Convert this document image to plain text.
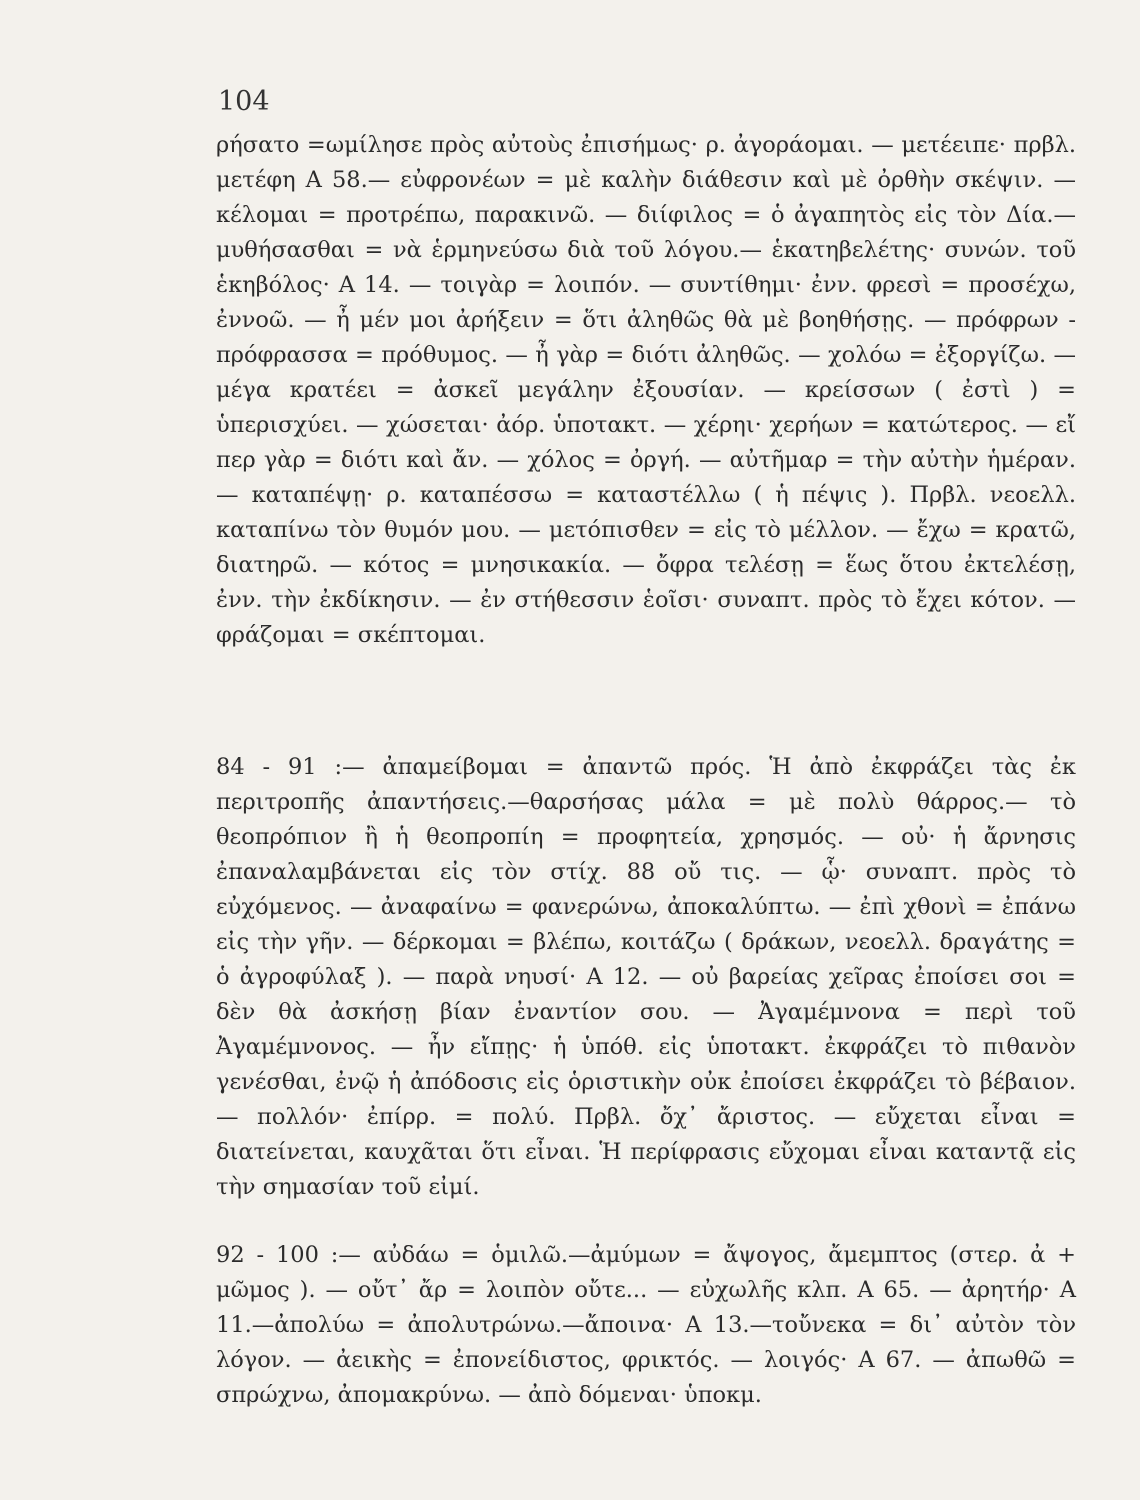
104

ρήσατο =ωμίλησε πρὸς αὐτοὺς ἐπισήμως· ρ. ἀγοράομαι. — μετέειπε· πρβλ. μετέφη Α 58.— εὐφρονέων = μὲ καλὴν διάθεσιν καὶ μὲ ὀρθὴν σκέψιν. — κέλομαι = προτρέπω, παρακινῶ. — διίφιλος = ὁ ἀγαπητὸς εἰς τὸν Δία.— μυθήσασθαι = νὰ ἑρμηνεύσω διὰ τοῦ λόγου.— ἑκατηβελέτης· συνών. τοῦ ἑκηβόλος· Α 14. — τοιγὰρ = λοιπόν. — συντίθημι· ἐνν. φρεσὶ = προσέχω, ἐννοῶ. — ἦ μέν μοι ἀρήξειν = ὅτι ἀληθῶς θὰ μὲ βοηθήσῃς. — πρόφρων - πρόφρασσα = πρόθυμος. — ἦ γὰρ = διότι ἀληθῶς. — χολόω = ἐξοργίζω. — μέγα κρατέει = ἀσκεῖ μεγάλην ἐξουσίαν. — κρείσσων ( ἐστὶ ) = ὑπερισχύει. — χώσεται· ἀόρ. ὑποτακτ. — χέρηι· χερήων = κατώτερος. — εἴ περ γὰρ = διότι καὶ ἄν. — χόλος = ὀργή. — αὐτῆμαρ = τὴν αὐτὴν ἡμέραν. — καταπέψῃ· ρ. καταπέσσω = καταστέλλω ( ἡ πέψις ). Πρβλ. νεοελλ. καταπίνω τὸν θυμόν μου. — μετόπισθεν = εἰς τὸ μέλλον. — ἔχω = κρατῶ, διατηρῶ. — κότος = μνησικακία. — ὄφρα τελέσῃ = ἕως ὅτου ἐκτελέσῃ, ἐνν. τὴν ἐκδίκησιν. — ἐν στήθεσσιν ἑοῖσι· συναπτ. πρὸς τὸ ἔχει κότον. — φράζομαι = σκέπτομαι.

84 - 91 :— ἀπαμείβομαι = ἀπαντῶ πρός. Ἡ ἀπὸ ἐκφράζει τὰς ἐκ περιτροπῆς ἀπαντήσεις.—θαρσήσας μάλα = μὲ πολὺ θάρρος.— τὸ θεοπρόπιον ἢ ἡ θεοπροπίη = προφητεία, χρησμός. — οὐ· ἡ ἄρνησις ἐπαναλαμβάνεται εἰς τὸν στίχ. 88 οὔ τις. — ᾧ· συναπτ. πρὸς τὸ εὐχόμενος. — ἀναφαίνω = φανερώνω, ἀποκαλύπτω. — ἐπὶ χθονὶ = ἐπάνω εἰς τὴν γῆν. — δέρκομαι = βλέπω, κοιτάζω ( δράκων, νεοελλ. δραγάτης = ὁ ἀγροφύλαξ ). — παρὰ νηυσί· Α 12. — οὐ βαρείας χεῖρας ἐποίσει σοι = δὲν θὰ ἀσκήσῃ βίαν ἐναντίον σου. — Ἀγαμέμνονα = περὶ τοῦ Ἀγαμέμνονος. — ἦν εἴπῃς· ἡ ὑπόθ. εἰς ὑποτακτ. ἐκφράζει τὸ πιθανὸν γενέσθαι, ἐνῷ ἡ ἀπόδοσις εἰς ὁριστικὴν οὐκ ἐποίσει ἐκφράζει τὸ βέβαιον.— πολλόν· ἐπίρρ. = πολύ. Πρβλ. ὄχ᾿ ἄριστος. — εὔχεται εἶναι = διατείνεται, καυχᾶται ὅτι εἶναι. Ἡ περίφρασις εὔχομαι εἶναι καταντᾷ εἰς τὴν σημασίαν τοῦ εἰμί.

92 - 100 :— αὐδάω = ὁμιλῶ.—ἀμύμων = ἄψογος, ἄμεμπτος (στερ. ἀ + μῶμος ). — οὔτ᾿ ἄρ = λοιπὸν οὔτε... — εὐχωλῆς κλπ. Α 65. — ἀρητήρ· Α 11.—ἀπολύω = ἀπολυτρώνω.—ἄποινα· Α 13.—τοὔνεκα = δι᾿ αὐτὸν τὸν λόγον. — ἀεικὴς = ἐπονείδιστος, φρικτός. — λοιγός· Α 67. — ἀπωθῶ = σπρώχνω, ἀπομακρύνω. — ἀπὸ δόμεναι· ὑποκμ.
